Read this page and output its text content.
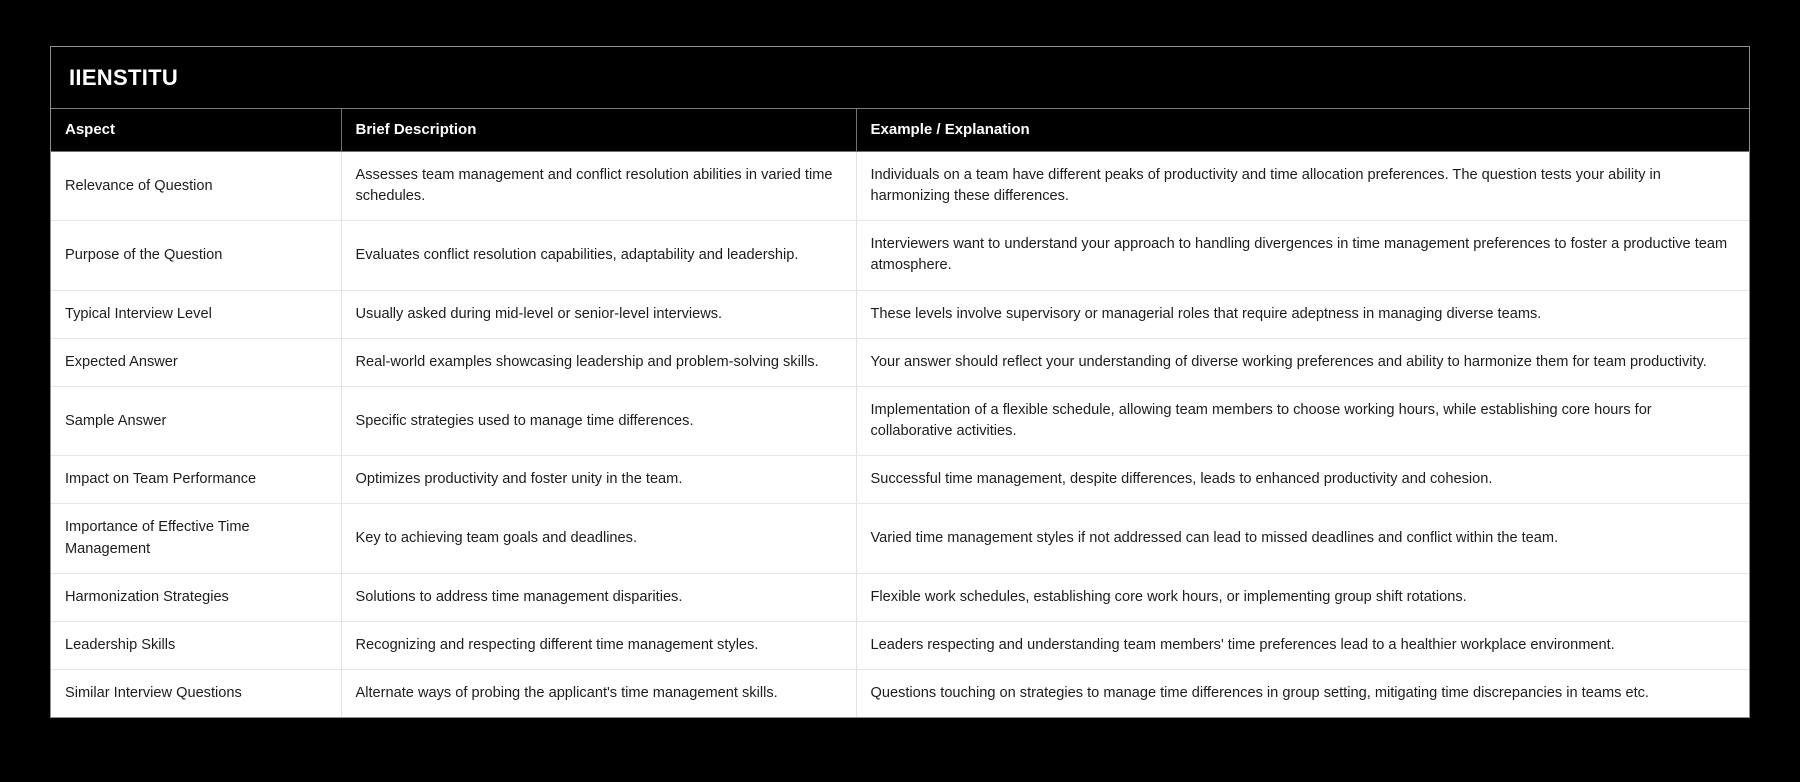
IIENSTITU
Aspect	Brief Description	Example / Explanation
Relevance of Question	Assesses team management and conflict resolution abilities in varied time schedules.	Individuals on a team have different peaks of productivity and time allocation preferences. The question tests your ability in harmonizing these differences.
Purpose of the Question	Evaluates conflict resolution capabilities, adaptability and leadership.	Interviewers want to understand your approach to handling divergences in time management preferences to foster a productive team atmosphere.
Typical Interview Level	Usually asked during mid-level or senior-level interviews.	These levels involve supervisory or managerial roles that require adeptness in managing diverse teams.
Expected Answer	Real-world examples showcasing leadership and problem-solving skills.	Your answer should reflect your understanding of diverse working preferences and ability to harmonize them for team productivity.
Sample Answer	Specific strategies used to manage time differences.	Implementation of a flexible schedule, allowing team members to choose working hours, while establishing core hours for collaborative activities.
Impact on Team Performance	Optimizes productivity and foster unity in the team.	Successful time management, despite differences, leads to enhanced productivity and cohesion.
Importance of Effective Time Management	Key to achieving team goals and deadlines.	Varied time management styles if not addressed can lead to missed deadlines and conflict within the team.
Harmonization Strategies	Solutions to address time management disparities.	Flexible work schedules, establishing core work hours, or implementing group shift rotations.
Leadership Skills	Recognizing and respecting different time management styles.	Leaders respecting and understanding team members' time preferences lead to a healthier workplace environment.
Similar Interview Questions	Alternate ways of probing the applicant's time management skills.	Questions touching on strategies to manage time differences in group setting, mitigating time discrepancies in teams etc.
